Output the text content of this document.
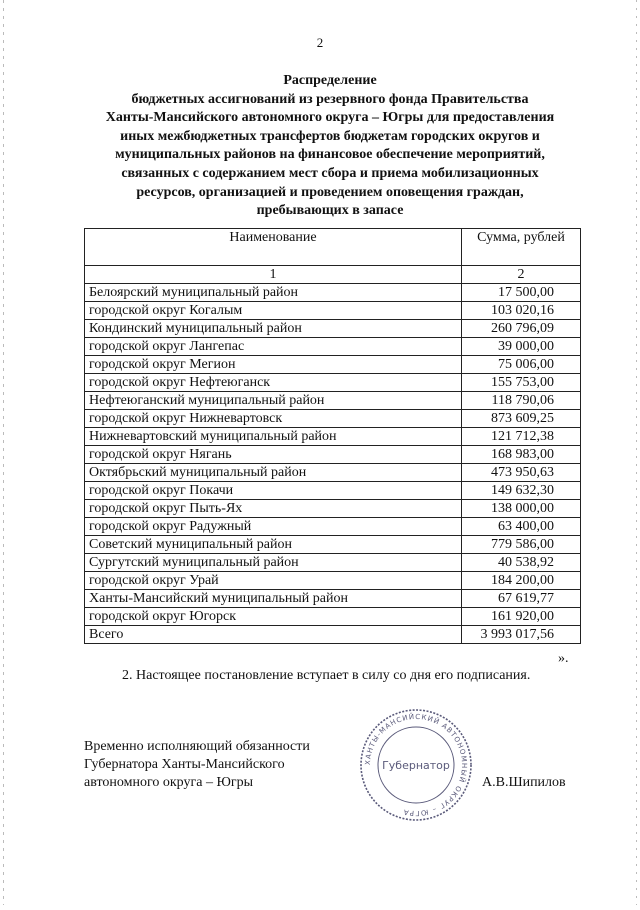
2
Распределение
бюджетных ассигнований из резервного фонда Правительства
Ханты-Мансийского автономного округа – Югры для предоставления
иных межбюджетных трансфертов бюджетам городских округов и
муниципальных районов на финансовое обеспечение мероприятий,
связанных с содержанием мест сбора и приема мобилизационных
ресурсов, организацией и проведением оповещения граждан,
пребывающих в запасе
Наименование	Сумма, рублей
1	2
Белоярский муниципальный район	17 500,00
городской округ Когалым	103 020,16
Кондинский муниципальный район	260 796,09
городской округ Лангепас	39 000,00
городской округ Мегион	75 006,00
городской округ Нефтеюганск	155 753,00
Нефтеюганский муниципальный район	118 790,06
городской округ Нижневартовск	873 609,25
Нижневартовский муниципальный район	121 712,38
городской округ Нягань	168 983,00
Октябрьский муниципальный район	473 950,63
городской округ Покачи	149 632,30
городской округ Пыть-Ях	138 000,00
городской округ Радужный	63 400,00
Советский муниципальный район	779 586,00
Сургутский муниципальный район	40 538,92
городской округ Урай	184 200,00
Ханты-Мансийский муниципальный район	67 619,77
городской округ Югорск	161 920,00
Всего	3 993 017,56
».
2. Настоящее постановление вступает в силу со дня его подписания.
Временно исполняющий обязанности
Губернатора Ханты-Мансийского
автономного округа – Югры
ХАНТЫ-МАНСИЙСКИЙ АВТОНОМНЫЙ ОКРУГ – ЮГРА
Губернатор
А.В.Шипилов
